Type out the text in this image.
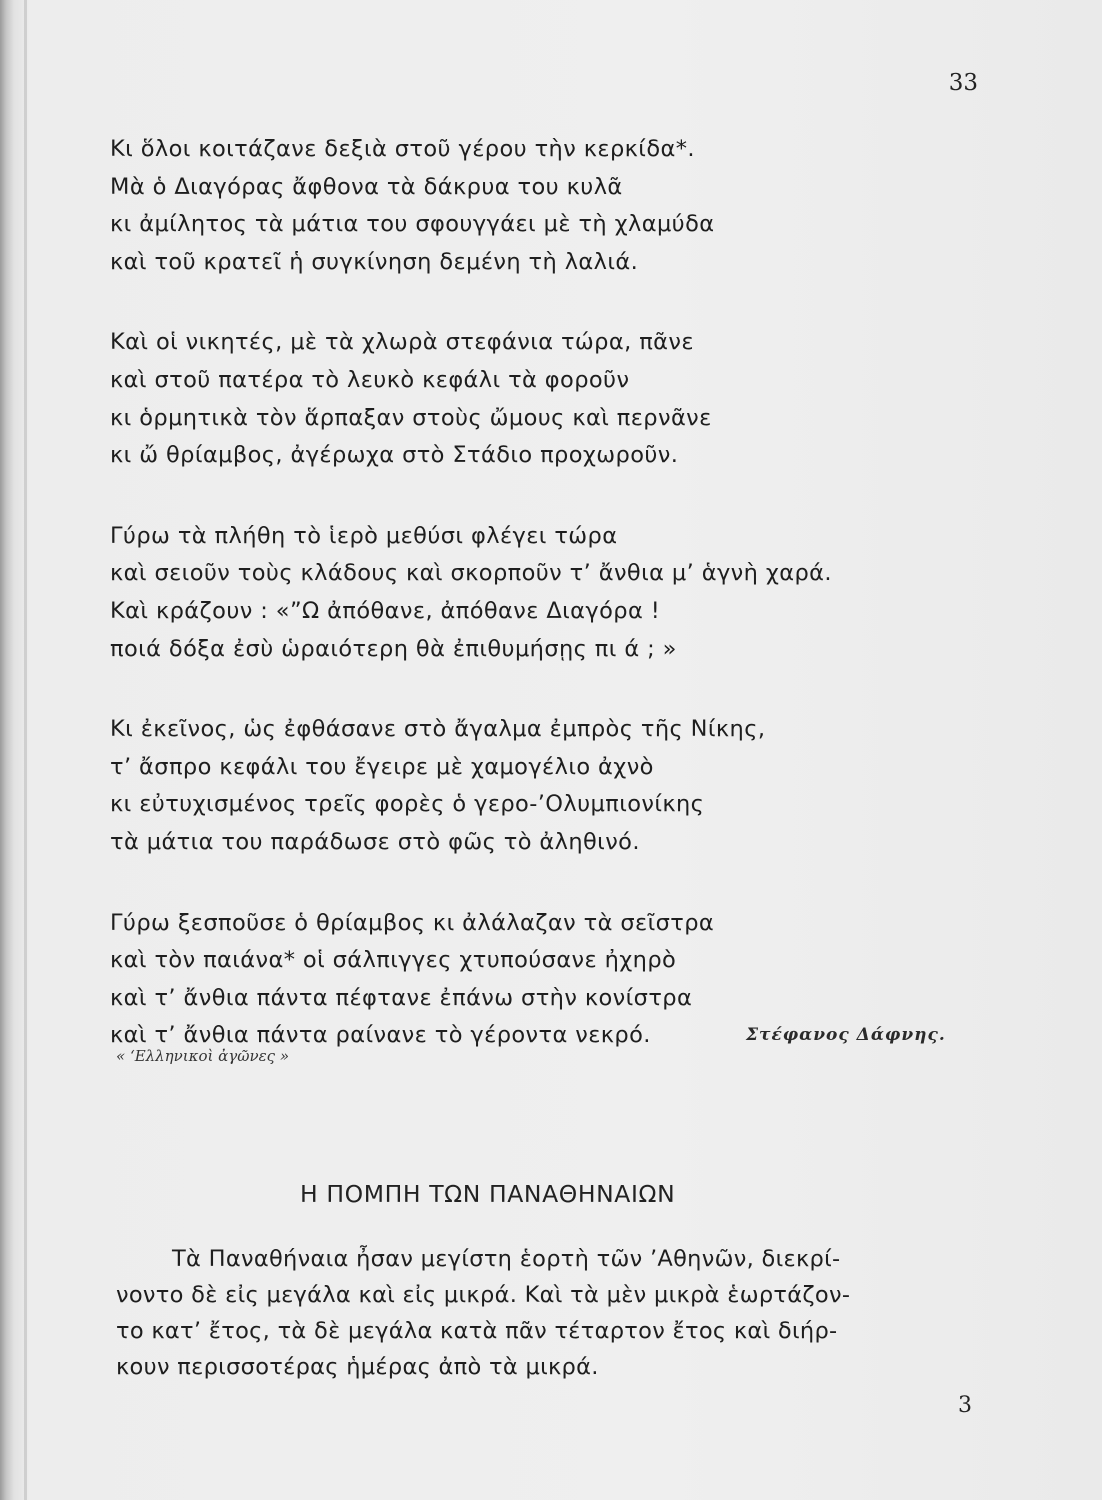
33
Κι ὅλοι κοιτάζανε δεξιὰ στοῦ γέρου τὴν κερκίδα*.
Μὰ ὁ Διαγόρας ἄφθονα τὰ δάκρυα του κυλᾶ
κι ἀμίλητος τὰ μάτια του σφουγγάει μὲ τὴ χλαμύδα
καὶ τοῦ κρατεῖ ἡ συγκίνηση δεμένη τὴ λαλιά.
Καὶ οἱ νικητές, μὲ τὰ χλωρὰ στεφάνια τώρα, πᾶνε
καὶ στοῦ πατέρα τὸ λευκὸ κεφάλι τὰ φοροῦν
κι ὁρμητικὰ τὸν ἅρπαξαν στοὺς ὤμους καὶ περνᾶνε
κι ὤ θρίαμβος, ἀγέρωχα στὸ Στάδιο προχωροῦν.
Γύρω τὰ πλήθη τὸ ἱερὸ μεθύσι φλέγει τώρα
καὶ σειοῦν τοὺς κλάδους καὶ σκορποῦν τ’ ἄνθια μ’ ἁγνὴ χαρά.
Καὶ κράζουν : «”Ω ἀπόθανε, ἀπόθανε Διαγόρα !
ποιά δόξα ἐσὺ ὡραιότερη θὰ ἐπιθυμήσῃς πι ά ; »
Κι ἐκεῖνος, ὡς ἐφθάσανε στὸ ἄγαλμα ἐμπρὸς τῆς Νίκης,
τ’ ἄσπρο κεφάλι του ἔγειρε μὲ χαμογέλιο ἀχνὸ
κι εὐτυχισμένος τρεῖς φορὲς ὁ γερο-’Ολυμπιονίκης
τὰ μάτια του παράδωσε στὸ φῶς τὸ ἀληθινό.
Γύρω ξεσποῦσε ὁ θρίαμβος κι ἀλάλαζαν τὰ σεῖστρα
καὶ τὸν παιάνα* οἱ σάλπιγγες χτυπούσανε ἠχηρὸ
καὶ τ’ ἄνθια πάντα πέφτανε ἐπάνω στὴν κονίστρα
καὶ τ’ ἄνθια πάντα ραίνανε τὸ γέροντα νεκρό.	Στέφανος Δάφνης.
« ‘Ελληνικοὶ ἀγῶνες »
Η ΠΟΜΠΗ ΤΩΝ ΠΑΝΑΘΗΝΑΙΩΝ
Τὰ Παναθήναια ἦσαν μεγίστη ἑορτὴ τῶν ’Αθηνῶν, διεκρί-
νοντο δὲ εἰς μεγάλα καὶ εἰς μικρά. Καὶ τὰ μὲν μικρὰ ἑωρτάζον-
το κατ’ ἔτος, τὰ δὲ μεγάλα κατὰ πᾶν τέταρτον ἔτος καὶ διήρ-
κουν περισσοτέρας ἡμέρας ἀπὸ τὰ μικρά.
3
